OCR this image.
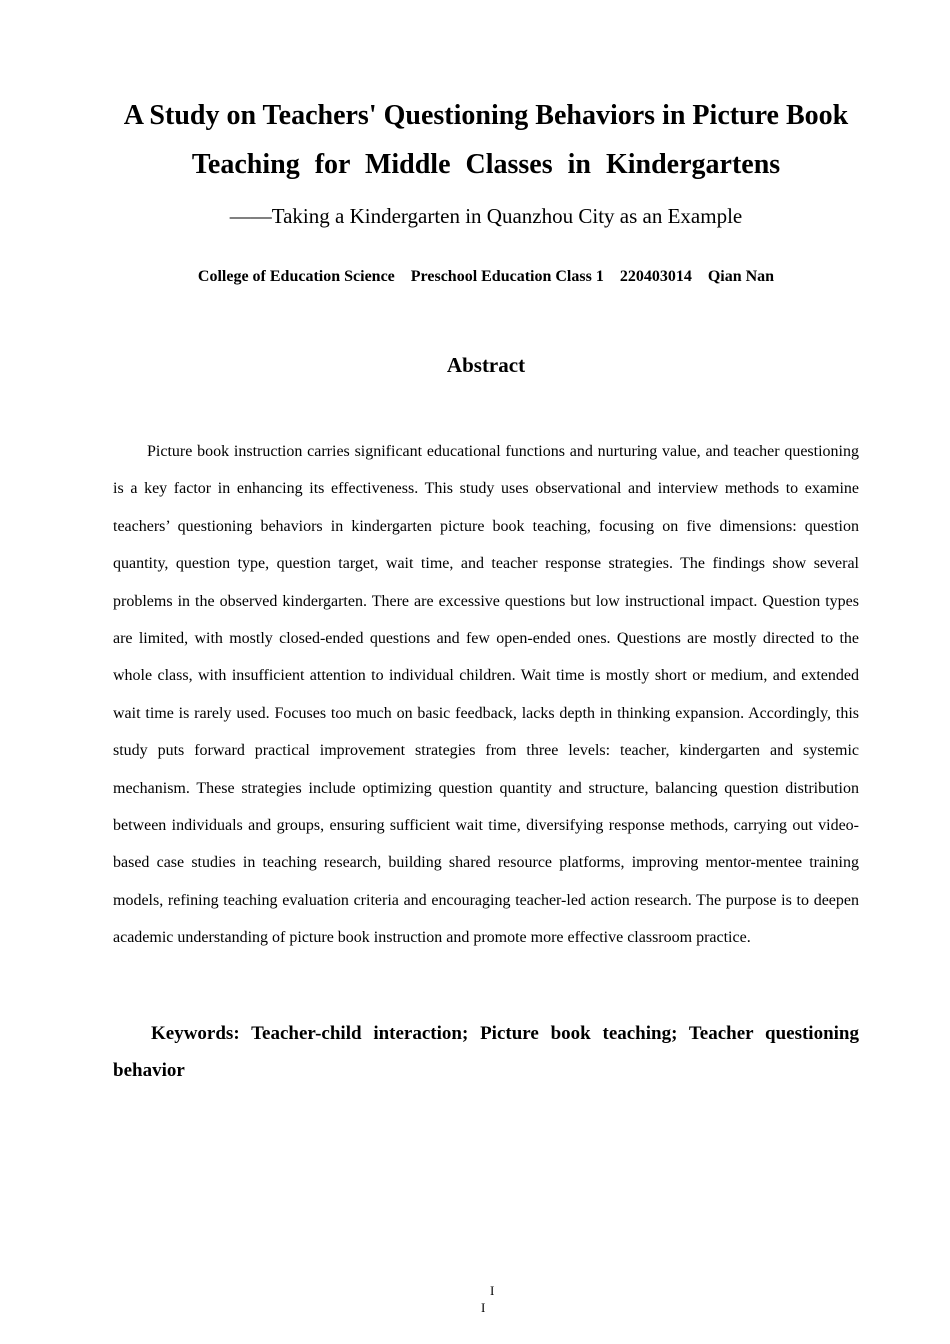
A Study on Teachers' Questioning Behaviors in Picture Book
Teaching for Middle Classes in Kindergartens
——Taking a Kindergarten in Quanzhou City as an Example
College of Education Science    Preschool Education Class 1    220403014    Qian Nan
Abstract

Picture book instruction carries significant educational functions and nurturing value, and teacher questioning is a key factor in enhancing its effectiveness. This study uses observational and interview methods to examine teachers’ questioning behaviors in kindergarten picture book teaching, focusing on five dimensions: question quantity, question type, question target, wait time, and teacher response strategies. The findings show several problems in the observed kindergarten. There are excessive questions but low instructional impact. Question types are limited, with mostly closed-ended questions and few open-ended ones. Questions are mostly directed to the whole class, with insufficient attention to individual children. Wait time is mostly short or medium, and extended wait time is rarely used. Focuses too much on basic feedback, lacks depth in thinking expansion. Accordingly, this study puts forward practical improvement strategies from three levels: teacher, kindergarten and systemic mechanism. These strategies include optimizing question quantity and structure, balancing question distribution between individuals and groups, ensuring sufficient wait time, diversifying response methods, carrying out video-based case studies in teaching research, building shared resource platforms, improving mentor-mentee training models, refining teaching evaluation criteria and encouraging teacher-led action research. The purpose is to deepen academic understanding of picture book instruction and promote more effective classroom practice.

Keywords: Teacher-child interaction; Picture book teaching; Teacher questioning behavior

I
I
